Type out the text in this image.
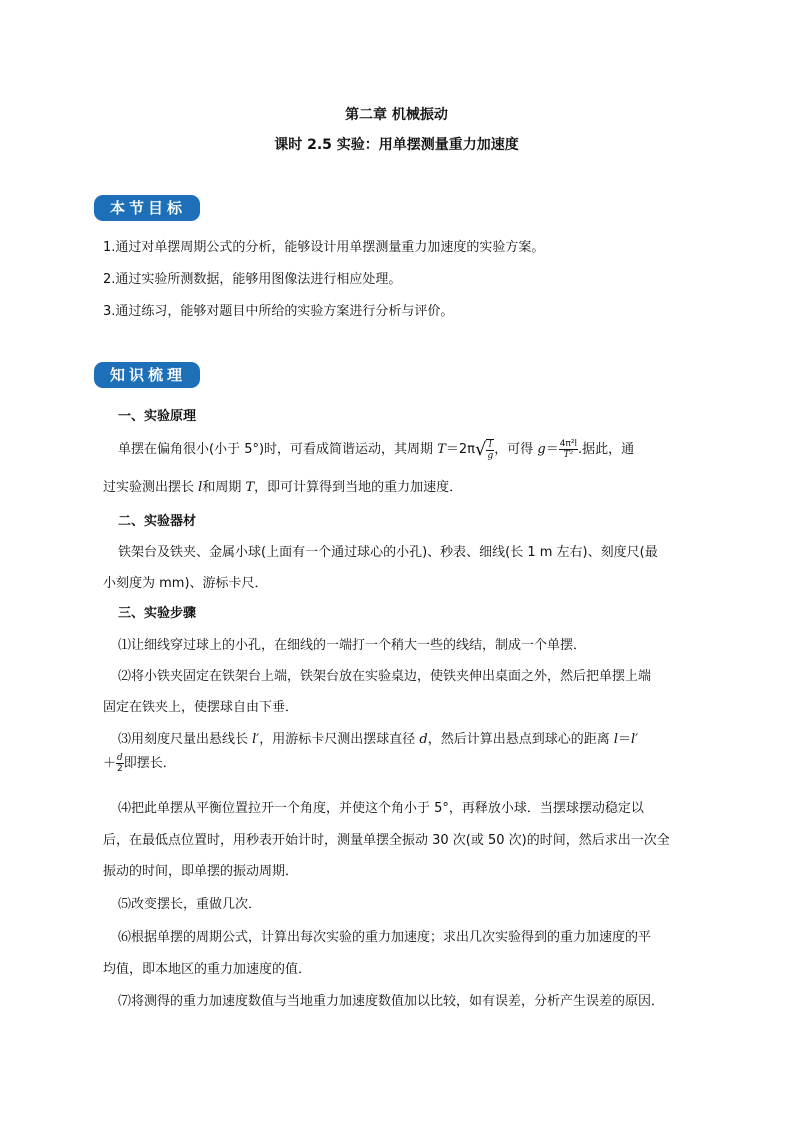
第二章 机械振动
课时 2.5 实验：用单摆测量重力加速度
本节目标
1.通过对单摆周期公式的分析，能够设计用单摆测量重力加速度的实验方案。
2.通过实验所测数据，能够用图像法进行相应处理。
3.通过练习，能够对题目中所给的实验方案进行分析与评价。
知识梳理
一、实验原理
单摆在偏角很小(小于 5°)时，可看成简谐运动，其周期 $T=2\pi√ \frac{l}{g}$ ，可得 $g= \frac{\text{4π²l}}{\text{T²}}$ .据此，通
过实验测出摆长 l和周期 T，即可计算得到当地的重力加速度．
二、实验器材
铁架台及铁夹、金属小球(上面有一个通过球心的小孔)、秒表、细线(长 1 m 左右)、刻度尺(最
小刻度为 mm)、游标卡尺．
三、实验步骤
⑴让细线穿过球上的小孔，在细线的一端打一个稍大一些的线结，制成一个单摆．
⑵将小铁夹固定在铁架台上端，铁架台放在实验桌边，使铁夹伸出桌面之外，然后把单摆上端
固定在铁夹上，使摆球自由下垂．
⑶用刻度尺量出悬线长 l′，用游标卡尺测出摆球直径 d，然后计算出悬点到球心的距离 l＝l′
＋ $\frac{d}{2}$ 即摆长．
⑷把此单摆从平衡位置拉开一个角度，并使这个角小于 5°，再释放小球．当摆球摆动稳定以
后，在最低点位置时，用秒表开始计时，测量单摆全振动 30 次(或 50 次)的时间，然后求出一次全
振动的时间，即单摆的振动周期．
⑸改变摆长，重做几次．
⑹根据单摆的周期公式，计算出每次实验的重力加速度；求出几次实验得到的重力加速度的平
均值，即本地区的重力加速度的值．
⑺将测得的重力加速度数值与当地重力加速度数值加以比较，如有误差，分析产生误差的原因．
